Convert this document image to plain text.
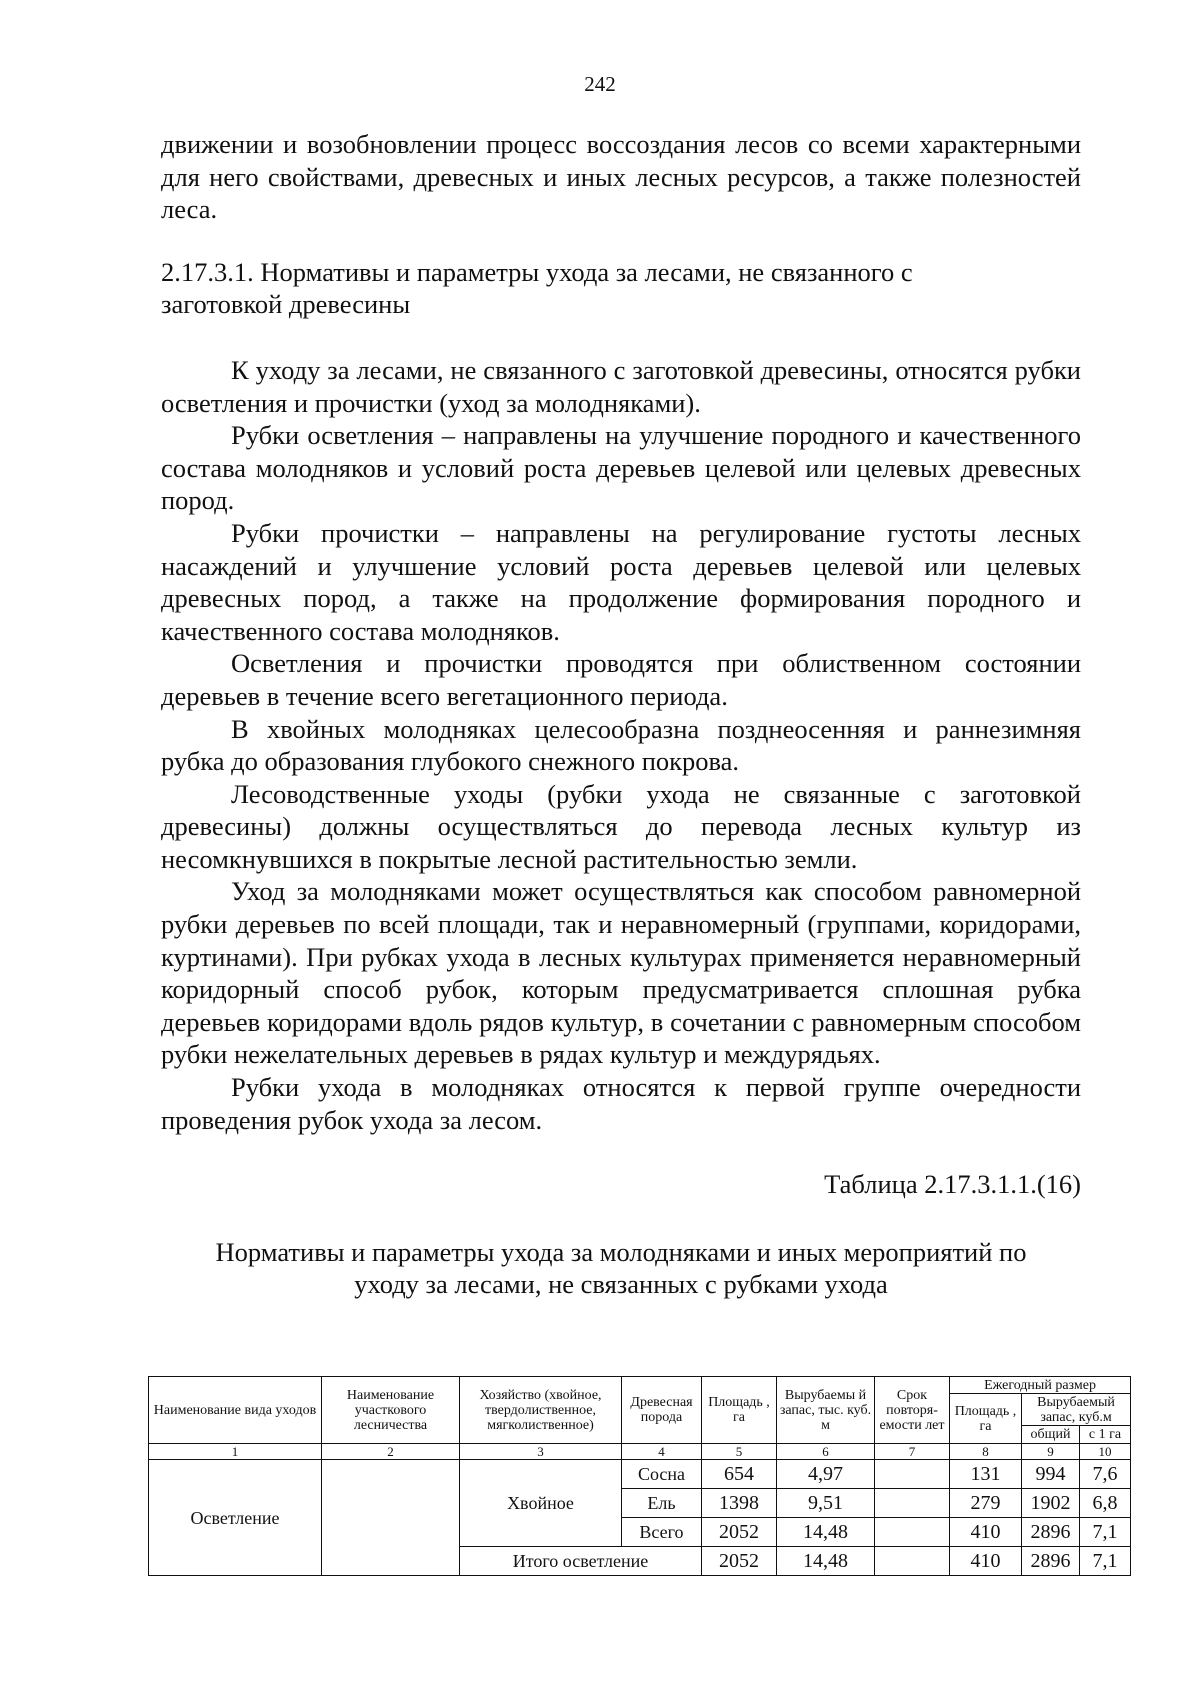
242

движении и возобновлении процесс воссоздания лесов со всеми характерными для него свойствами, древесных и иных лесных ресурсов, а также полезностей леса.

2.17.3.1. Нормативы и параметры ухода за лесами, не связанного с
заготовкой древесины

К уходу за лесами, не связанного с заготовкой древесины, относятся рубки осветления и прочистки (уход за молодняками).

Рубки осветления – направлены на улучшение породного и качественного состава молодняков и условий роста деревьев целевой или целевых древесных пород.

Рубки прочистки – направлены на регулирование густоты лесных насаждений и улучшение условий роста деревьев целевой или целевых древесных пород, а также на продолжение формирования породного и качественного состава молодняков.

Осветления и прочистки проводятся при облиственном состоянии деревьев в течение всего вегетационного периода.

В хвойных молодняках целесообразна позднеосенняя и раннезимняя рубка до образования глубокого снежного покрова.

Лесоводственные уходы (рубки ухода не связанные с заготовкой древесины) должны осуществляться до перевода лесных культур из несомкнувшихся в покрытые лесной растительностью земли.

Уход за молодняками может осуществляться как способом равномерной рубки деревьев по всей площади, так и неравномерный (группами, коридорами, куртинами). При рубках ухода в лесных культурах применяется неравномерный коридорный способ рубок, которым предусматривается сплошная рубка деревьев коридорами вдоль рядов культур, в сочетании с равномерным способом рубки нежелательных деревьев в рядах культур и междурядьях.

Рубки ухода в молодняках относятся к первой группе очередности проведения рубок ухода за лесом.

Таблица 2.17.3.1.1.(16)

Нормативы и параметры ухода за молодняками и иных мероприятий по
уходу за лесами, не связанных с рубками ухода

Наименование вида уходов	Наименование участкового лесничества	Хозяйство (хвойное, твердолиственное, мягколиственное)	Древесная порода	Площадь , га	Вырубаемы й запас, тыс. куб. м	Срок повторя-емости лет	Ежегодный размер		
							Площадь , га	Вырубаемый запас, куб.м	
								общий	с 1 га
1	2	3	4	5	6	7	8	9	10
Осветление		Хвойное	Сосна	654	4,97		131	994	7,6
			Ель	1398	9,51		279	1902	6,8
			Всего	2052	14,48		410	2896	7,1
		Итого осветление		2052	14,48		410	2896	7,1
